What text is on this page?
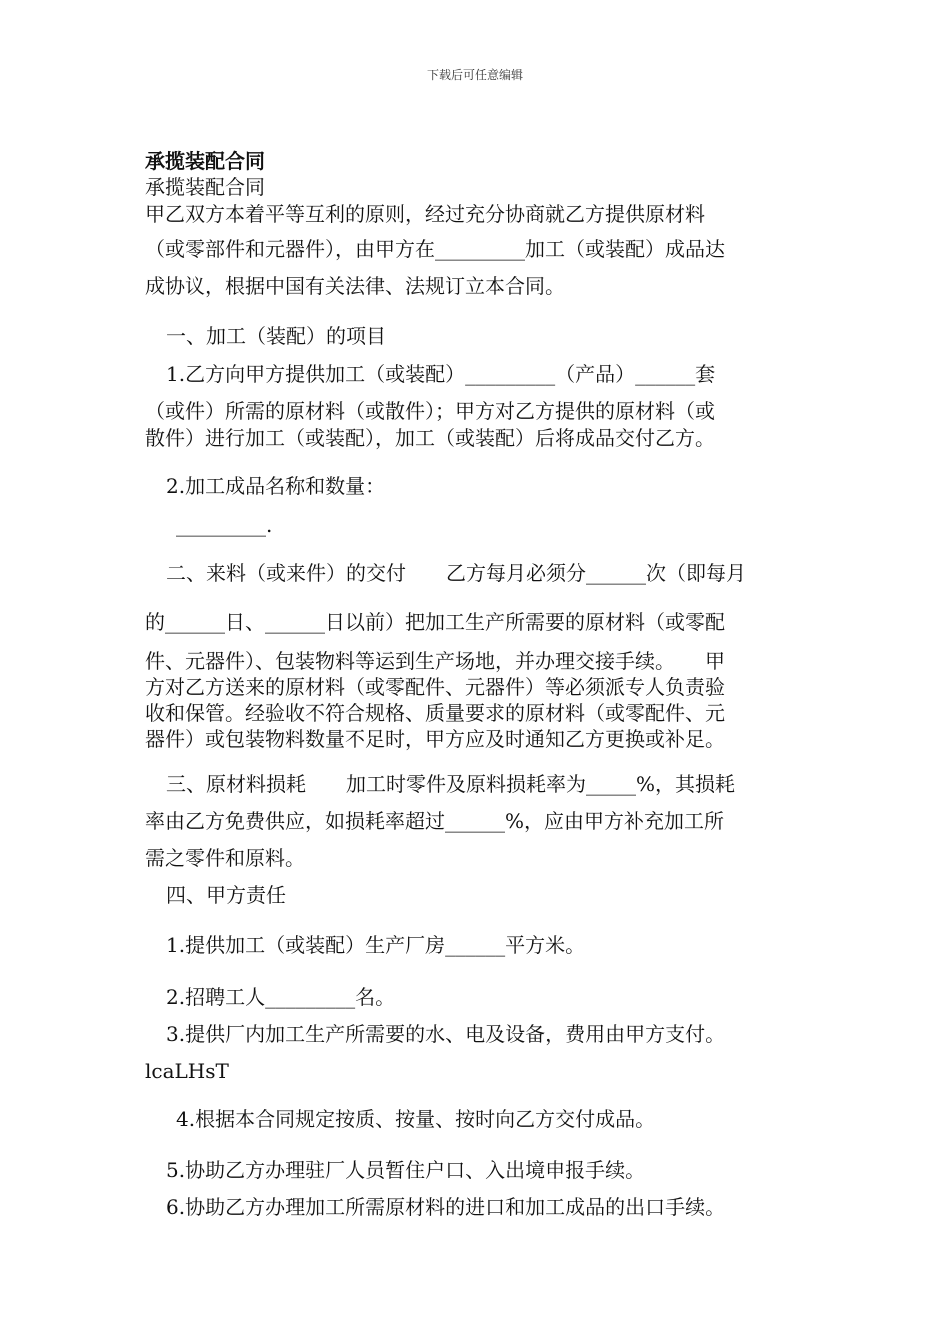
下载后可任意编辑
承揽装配合同
承揽装配合同
甲乙双方本着平等互利的原则，经过充分协商就乙方提供原材料
（或零部件和元器件），由甲方在_________加工（或装配）成品达
成协议，根据中国有关法律、法规订立本合同。
一、加工（装配）的项目
1.乙方向甲方提供加工（或装配）_________（产品）______套
（或件）所需的原材料（或散件）；甲方对乙方提供的原材料（或
散件）进行加工（或装配），加工（或装配）后将成品交付乙方。
2.加工成品名称和数量：
_________.
二、来料（或来件）的交付　　乙方每月必须分______次（即每月
的______日、______日以前）把加工生产所需要的原材料（或零配
件、元器件）、包装物料等运到生产场地，并办理交接手续。　　甲
方对乙方送来的原材料（或零配件、元器件）等必须派专人负责验
收和保管。经验收不符合规格、质量要求的原材料（或零配件、元
器件）或包装物料数量不足时，甲方应及时通知乙方更换或补足。
三、原材料损耗　　加工时零件及原料损耗率为_____%，其损耗
率由乙方免费供应，如损耗率超过______%，应由甲方补充加工所
需之零件和原料。
四、甲方责任
1.提供加工（或装配）生产厂房______平方米。
2.招聘工人_________名。
3.提供厂内加工生产所需要的水、电及设备，费用由甲方支付。
lcaLHsT
4.根据本合同规定按质、按量、按时向乙方交付成品。
5.协助乙方办理驻厂人员暂住户口、入出境申报手续。
6.协助乙方办理加工所需原材料的进口和加工成品的出口手续。
